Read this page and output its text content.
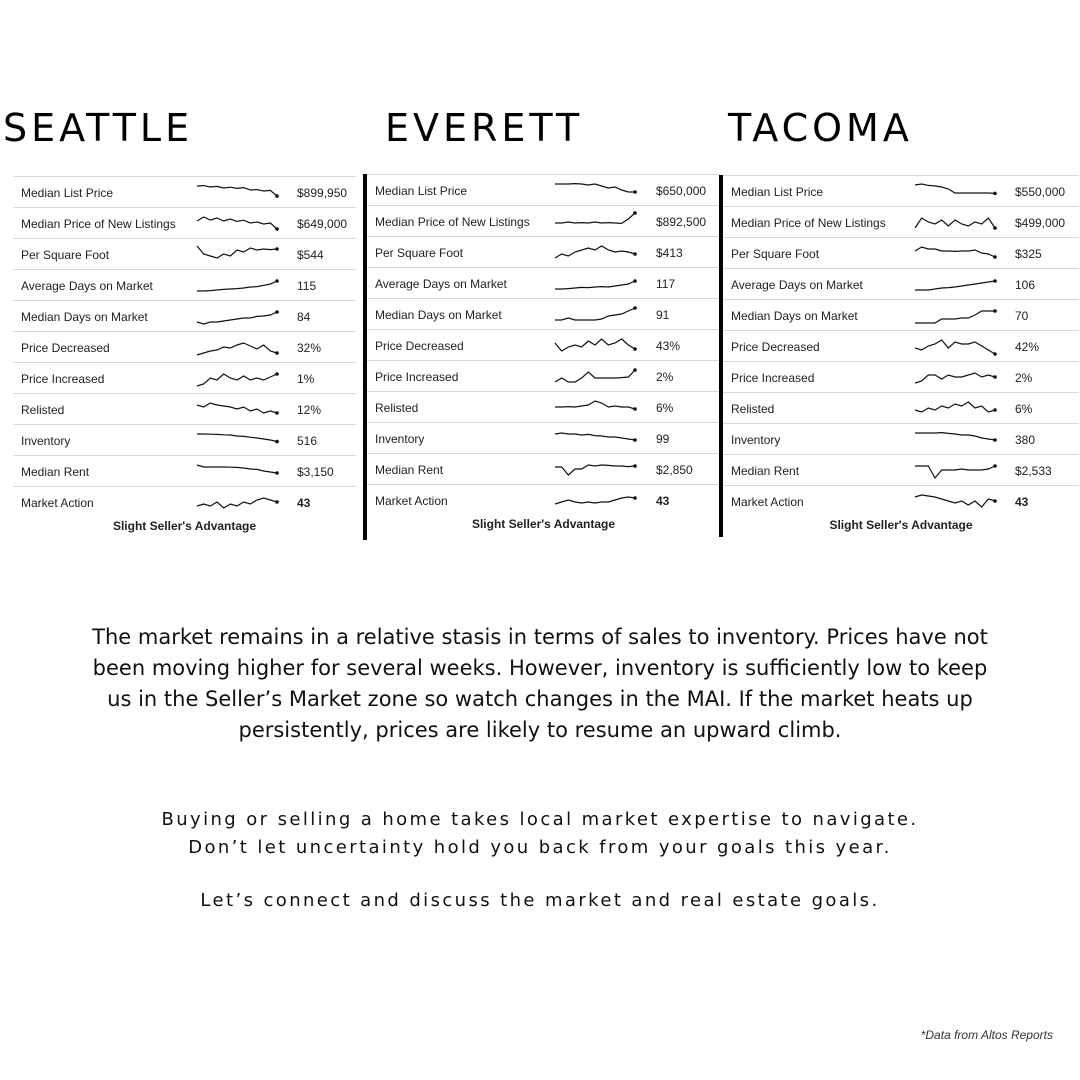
SEATTLE	EVERETT	TACOMA
Median List Price	$899,950
Median Price of New Listings	$649,000
Per Square Foot	$544
Average Days on Market	115
Median Days on Market	84
Price Decreased	32%
Price Increased	1%
Relisted	12%
Inventory	516
Median Rent	$3,150
Market Action	43
Slight Seller's Advantage
Median List Price	$650,000
Median Price of New Listings	$892,500
Per Square Foot	$413
Average Days on Market	117
Median Days on Market	91
Price Decreased	43%
Price Increased	2%
Relisted	6%
Inventory	99
Median Rent	$2,850
Market Action	43
Slight Seller's Advantage
Median List Price	$550,000
Median Price of New Listings	$499,000
Per Square Foot	$325
Average Days on Market	106
Median Days on Market	70
Price Decreased	42%
Price Increased	2%
Relisted	6%
Inventory	380
Median Rent	$2,533
Market Action	43
Slight Seller's Advantage
The market remains in a relative stasis in terms of sales to inventory. Prices have not been moving higher for several weeks. However, inventory is sufficiently low to keep us in the Seller’s Market zone so watch changes in the MAI. If the market heats up persistently, prices are likely to resume an upward climb.
Buying or selling a home takes local market expertise to navigate.
Don’t let uncertainty hold you back from your goals this year.
Let’s connect and discuss the market and real estate goals.
*Data from Altos Reports
